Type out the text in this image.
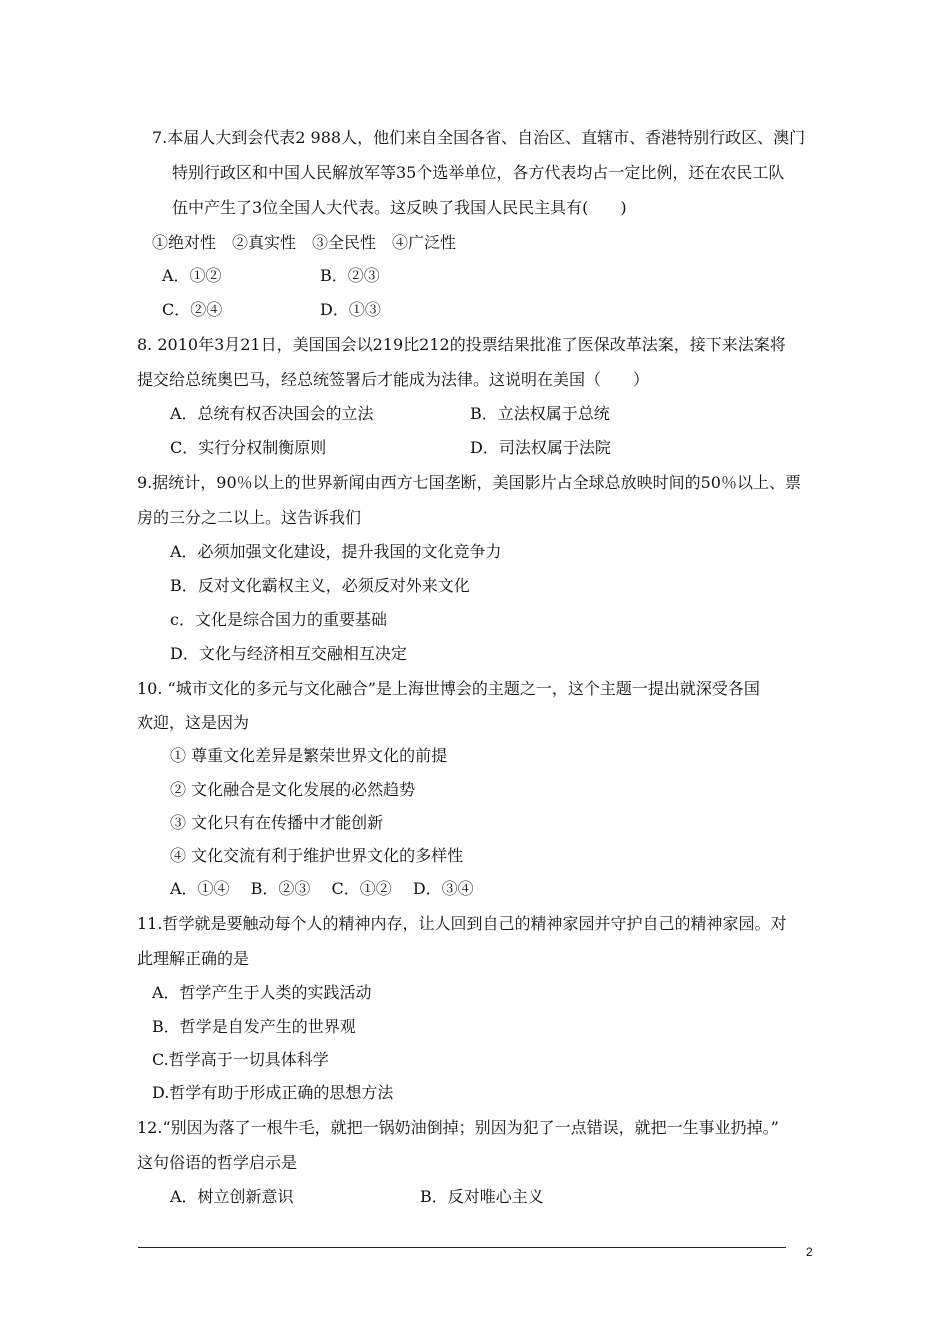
7.本届人大到会代表2 988人，他们来自全国各省、自治区、直辖市、香港特别行政区、澳门
特别行政区和中国人民解放军等35个选举单位，各方代表均占一定比例，还在农民工队
伍中产生了3位全国人大代表。这反映了我国人民民主具有(　　)
①绝对性　②真实性　③全民性　④广泛性
A．①②	B．②③
C．②④	D．①③
8. 2010年3月21日，美国国会以219比212的投票结果批准了医保改革法案，接下来法案将
提交给总统奥巴马，经总统签署后才能成为法律。这说明在美国（　　）
A．总统有权否决国会的立法	B．立法权属于总统
C．实行分权制衡原则	D．司法权属于法院
9.据统计，90％以上的世界新闻由西方七国垄断，美国影片占全球总放映时间的50％以上、票
房的三分之二以上。这告诉我们
A．必须加强文化建设，提升我国的文化竞争力
B．反对文化霸权主义，必须反对外来文化
c．文化是综合国力的重要基础
D．文化与经济相互交融相互决定
10. “城市文化的多元与文化融合”是上海世博会的主题之一，这个主题一提出就深受各国
欢迎，这是因为
① 尊重文化差异是繁荣世界文化的前提
② 文化融合是文化发展的必然趋势
③ 文化只有在传播中才能创新
④ 文化交流有利于维护世界文化的多样性
A．①④　 B．②③　 C．①②　 D．③④
11.哲学就是要触动每个人的精神内存，让人回到自己的精神家园并守护自己的精神家园。对
此理解正确的是
A．哲学产生于人类的实践活动
B．哲学是自发产生的世界观
C.哲学高于一切具体科学
D.哲学有助于形成正确的思想方法
12.“别因为落了一根牛毛，就把一锅奶油倒掉；别因为犯了一点错误，就把一生事业扔掉。”
这句俗语的哲学启示是
A．树立创新意识	B．反对唯心主义
2
